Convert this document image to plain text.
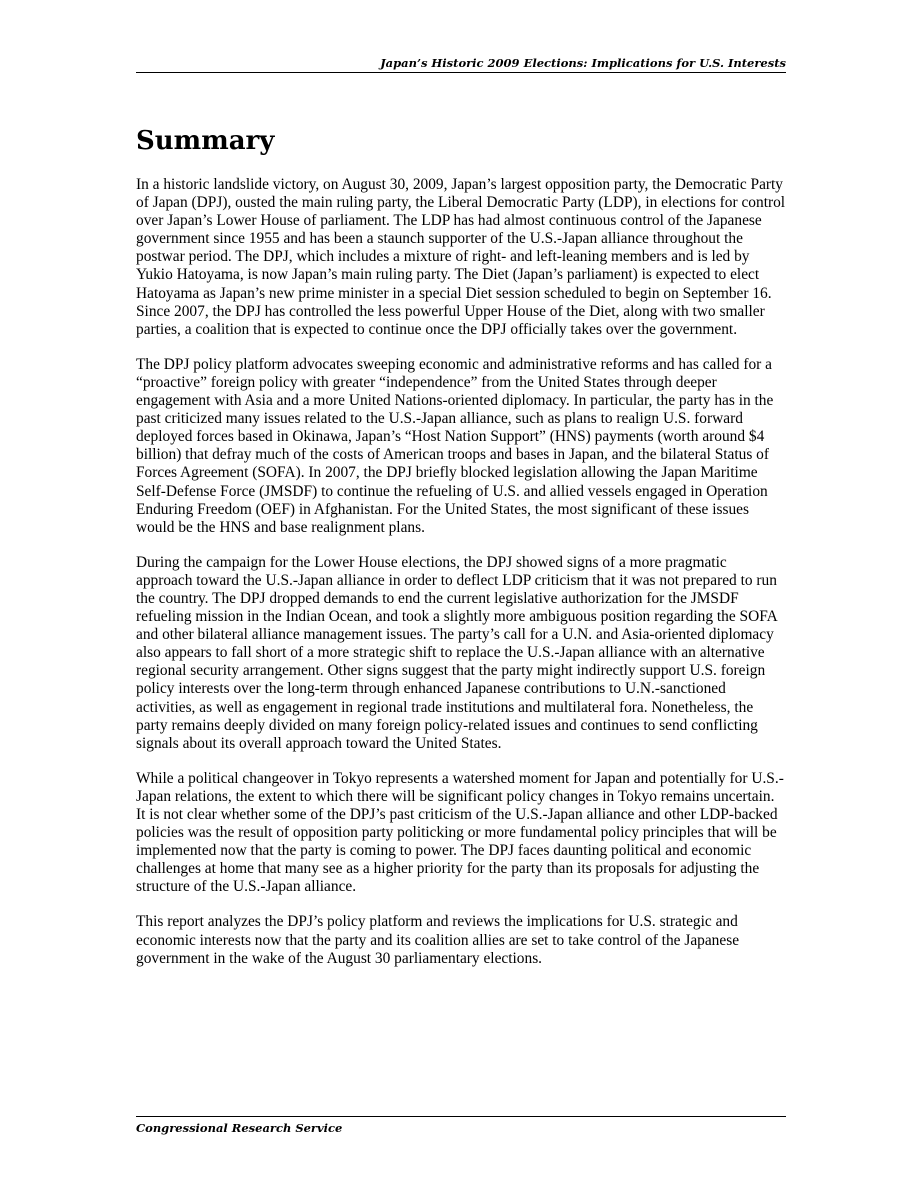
Japan’s Historic 2009 Elections: Implications for U.S. Interests
Summary

In a historic landslide victory, on August 30, 2009, Japan’s largest opposition party, the Democratic Party of Japan (DPJ), ousted the main ruling party, the Liberal Democratic Party (LDP), in elections for control over Japan’s Lower House of parliament. The LDP has had almost continuous control of the Japanese government since 1955 and has been a staunch supporter of the U.S.-Japan alliance throughout the postwar period. The DPJ, which includes a mixture of right- and left-leaning members and is led by Yukio Hatoyama, is now Japan’s main ruling party. The Diet (Japan’s parliament) is expected to elect Hatoyama as Japan’s new prime minister in a special Diet session scheduled to begin on September 16. Since 2007, the DPJ has controlled the less powerful Upper House of the Diet, along with two smaller parties, a coalition that is expected to continue once the DPJ officially takes over the government.

The DPJ policy platform advocates sweeping economic and administrative reforms and has called for a “proactive” foreign policy with greater “independence” from the United States through deeper engagement with Asia and a more United Nations-oriented diplomacy. In particular, the party has in the past criticized many issues related to the U.S.-Japan alliance, such as plans to realign U.S. forward deployed forces based in Okinawa, Japan’s “Host Nation Support” (HNS) payments (worth around $4 billion) that defray much of the costs of American troops and bases in Japan, and the bilateral Status of Forces Agreement (SOFA). In 2007, the DPJ briefly blocked legislation allowing the Japan Maritime Self-Defense Force (JMSDF) to continue the refueling of U.S. and allied vessels engaged in Operation Enduring Freedom (OEF) in Afghanistan. For the United States, the most significant of these issues would be the HNS and base realignment plans.

During the campaign for the Lower House elections, the DPJ showed signs of a more pragmatic approach toward the U.S.-Japan alliance in order to deflect LDP criticism that it was not prepared to run the country. The DPJ dropped demands to end the current legislative authorization for the JMSDF refueling mission in the Indian Ocean, and took a slightly more ambiguous position regarding the SOFA and other bilateral alliance management issues. The party’s call for a U.N. and Asia-oriented diplomacy also appears to fall short of a more strategic shift to replace the U.S.-Japan alliance with an alternative regional security arrangement. Other signs suggest that the party might indirectly support U.S. foreign policy interests over the long-term through enhanced Japanese contributions to U.N.-sanctioned activities, as well as engagement in regional trade institutions and multilateral fora. Nonetheless, the party remains deeply divided on many foreign policy-related issues and continues to send conflicting signals about its overall approach toward the United States.

While a political changeover in Tokyo represents a watershed moment for Japan and potentially for U.S.-Japan relations, the extent to which there will be significant policy changes in Tokyo remains uncertain. It is not clear whether some of the DPJ’s past criticism of the U.S.-Japan alliance and other LDP-backed policies was the result of opposition party politicking or more fundamental policy principles that will be implemented now that the party is coming to power. The DPJ faces daunting political and economic challenges at home that many see as a higher priority for the party than its proposals for adjusting the structure of the U.S.-Japan alliance.

This report analyzes the DPJ’s policy platform and reviews the implications for U.S. strategic and economic interests now that the party and its coalition allies are set to take control of the Japanese government in the wake of the August 30 parliamentary elections.

Congressional Research Service
